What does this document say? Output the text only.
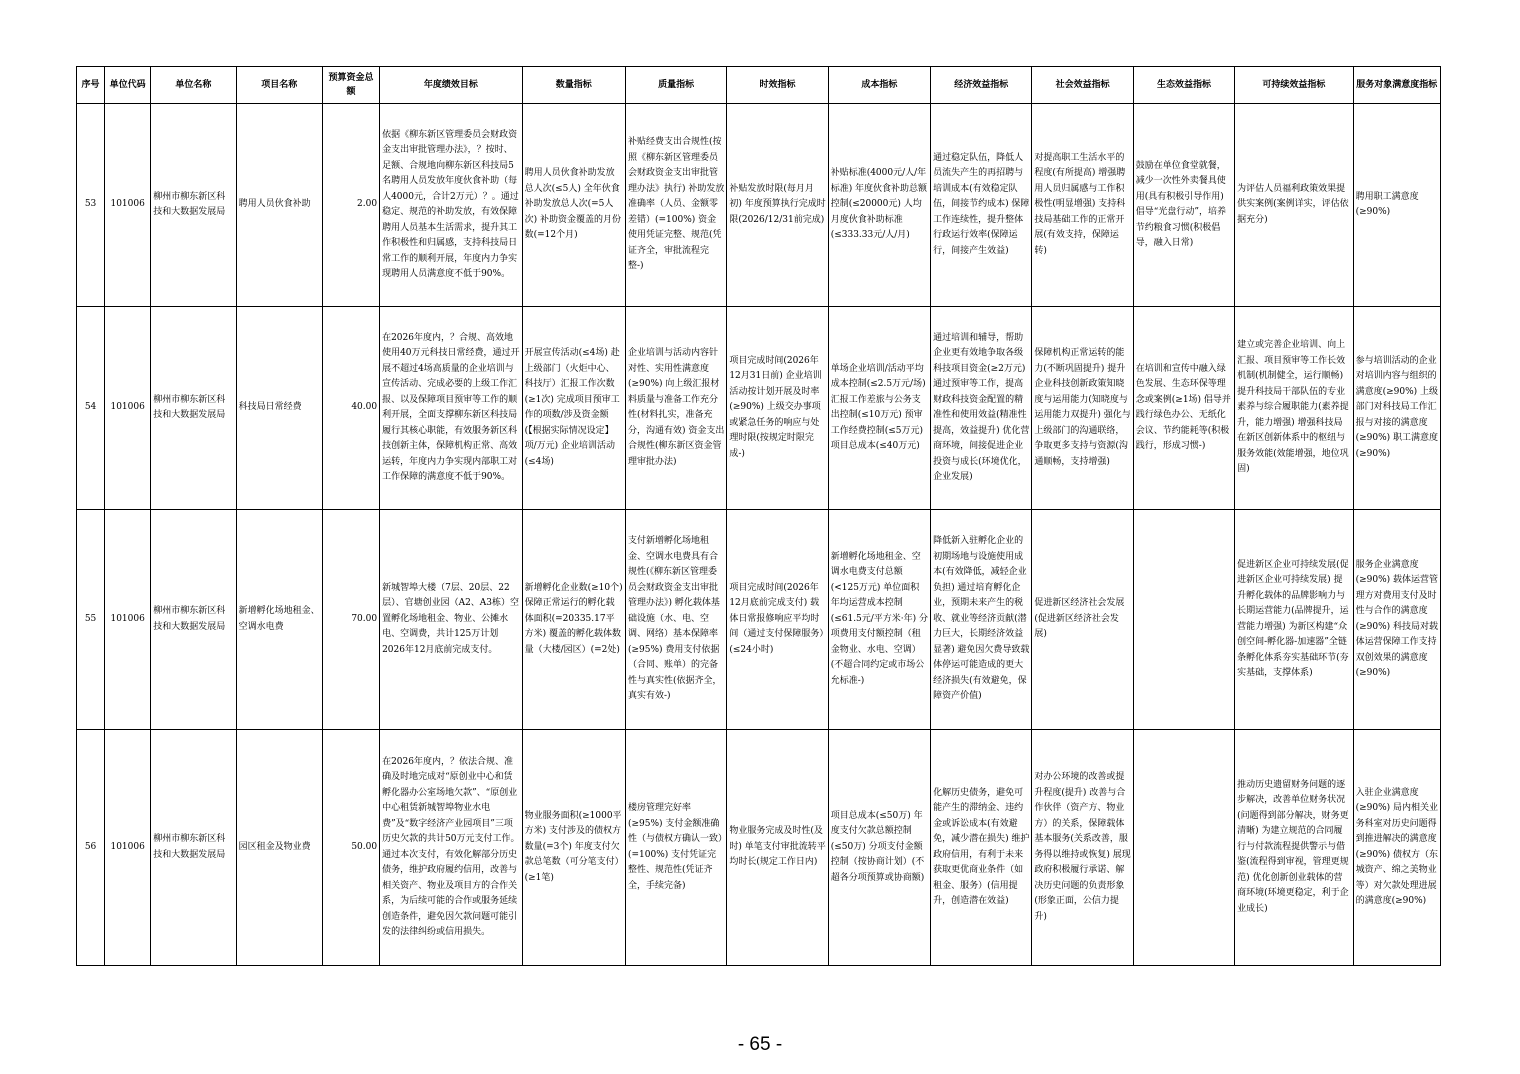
序号	单位代码	单位名称	项目名称	预算资金总额	年度绩效目标	数量指标	质量指标	时效指标	成本指标	经济效益指标	社会效益指标	生态效益指标	可持续效益指标	服务对象满意度指标
53	101006	柳州市柳东新区科技和大数据发展局	聘用人员伙食补助	2.00	依据《柳东新区管理委员会财政资金支出审批管理办法》，？按时、足额、合规地向柳东新区科技局5名聘用人员发放年度伙食补助（每人4000元，合计2万元）？。通过稳定、规范的补助发放，有效保障聘用人员基本生活需求，提升其工作积极性和归属感，支持科技局日常工作的顺利开展，年度内力争实现聘用人员满意度不低于90%。	聘用人员伙食补助发放总人次(≤5人) 全年伙食补助发放总人次(=5人次) 补助资金覆盖的月份数(=12个月)	补贴经费支出合规性(按照《柳东新区管理委员会财政资金支出审批管理办法》执行) 补助发放准确率（人员、金额零差错）(=100%) 资金使用凭证完整、规范(凭证齐全，审批流程完整-)	补贴发放时限(每月月初) 年度预算执行完成时限(2026/12/31前完成)	补贴标准(4000元/人/年标准) 年度伙食补助总额控制(≤20000元) 人均月度伙食补助标准(≤333.33元/人/月)	通过稳定队伍，降低人员流失产生的再招聘与培训成本(有效稳定队伍，间接节约成本) 保障工作连续性，提升整体行政运行效率(保障运行，间接产生效益)	对提高职工生活水平的程度(有所提高) 增强聘用人员归属感与工作积极性(明显增强) 支持科技局基础工作的正常开展(有效支持，保障运转)	鼓励在单位食堂就餐，减少一次性外卖餐具使用(具有积极引导作用) 倡导“光盘行动”，培养节约粮食习惯(积极倡导，融入日常)	为评估人员福利政策效果提供实案例(案例详实，评估依据充分)	聘用职工满意度(≥90%)
54	101006	柳州市柳东新区科技和大数据发展局	科技局日常经费	40.00	在2026年度内，？合规、高效地使用40万元科技日常经费，通过开展不超过4场高质量的企业培训与宣传活动、完成必要的上级工作汇报、以及保障项目预审等工作的顺利开展，全面支撑柳东新区科技局履行其核心职能，有效服务新区科技创新主体，保障机构正常、高效运转，年度内力争实现内部职工对工作保障的满意度不低于90%。	开展宣传活动(≤4场) 赴上级部门（火炬中心、科技厅）汇报工作次数(≥1次) 完成项目预审工作的项数/涉及资金额(【根据实际情况设定】项/万元) 企业培训活动(≤4场)	企业培训与活动内容针对性、实用性满意度(≥90%) 向上级汇报材料质量与准备工作充分性(材料扎实，准备充分，沟通有效) 资金支出合规性(柳东新区资金管理审批办法)	项目完成时间(2026年12月31日前) 企业培训活动按计划开展及时率(≥90%) 上级交办事项或紧急任务的响应与处理时限(按规定时限完成-)	单场企业培训/活动平均成本控制(≤2.5万元/场) 汇报工作差旅与公务支出控制(≤10万元) 预审工作经费控制(≤5万元) 项目总成本(≤40万元)	通过培训和辅导，帮助企业更有效地争取各级科技项目资金(≥2万元) 通过预审等工作，提高财政科技资金配置的精准性和使用效益(精准性提高，效益提升) 优化营商环境，间接促进企业投资与成长(环境优化，企业发展)	保障机构正常运转的能力(不断巩固提升) 提升企业科技创新政策知晓度与运用能力(知晓度与运用能力双提升) 强化与上级部门的沟通联络，争取更多支持与资源(沟通顺畅，支持增强)	在培训和宣传中融入绿色发展、生态环保等理念或案例(≥1场) 倡导并践行绿色办公、无纸化会议、节约能耗等(积极践行，形成习惯-)	建立或完善企业培训、向上汇报、项目预审等工作长效机制(机制健全，运行顺畅) 提升科技局干部队伍的专业素养与综合履职能力(素养提升，能力增强) 增强科技局在新区创新体系中的枢纽与服务效能(效能增强，地位巩固)	参与培训活动的企业对培训内容与组织的满意度(≥90%) 上级部门对科技局工作汇报与对接的满意度(≥90%) 职工满意度(≥90%)
55	101006	柳州市柳东新区科技和大数据发展局	新增孵化场地租金、空调水电费	70.00	新城智埠大楼（7层、20层、22层）、官塘创业园（A2、A3栋）空置孵化场地租金、物业、公摊水电、空调费，共计125万计划2026年12月底前完成支付。	新增孵化企业数(≥10个) 保障正常运行的孵化载体面积(=20335.17平方米) 覆盖的孵化载体数量（大楼/园区）(=2处)	支付新增孵化场地租金、空调水电费具有合规性(《柳东新区管理委员会财政资金支出审批管理办法》) 孵化载体基础设施（水、电、空调、网络）基本保障率(≥95%) 费用支付依据（合同、账单）的完备性与真实性(依据齐全，真实有效-)	项目完成时间(2026年12月底前完成支付) 载体日常报修响应平均时间（通过支付保障服务）(≤24小时)	新增孵化场地租金、空调水电费支付总额(<125万元) 单位面积年均运营成本控制(≤61.5元/平方米·年) 分项费用支付额控制（租金物业、水电、空调）(不超合同约定或市场公允标准-)	降低新入驻孵化企业的初期场地与设施使用成本(有效降低，减轻企业负担) 通过培育孵化企业，预期未来产生的税收、就业等经济贡献(潜力巨大，长期经济效益显著) 避免因欠费导致载体停运可能造成的更大经济损失(有效避免，保障资产价值)	促进新区经济社会发展(促进新区经济社会发展)		促进新区企业可持续发展(促进新区企业可持续发展) 提升孵化载体的品牌影响力与长期运营能力(品牌提升，运营能力增强) 为新区构建“众创空间-孵化器-加速器”全链条孵化体系夯实基础环节(夯实基础，支撑体系)	服务企业满意度(≥90%) 载体运营管理方对费用支付及时性与合作的满意度(≥90%) 科技局对载体运营保障工作支持双创效果的满意度(≥90%)
56	101006	柳州市柳东新区科技和大数据发展局	园区租金及物业费	50.00	在2026年度内，？依法合规、准确及时地完成对“原创业中心和赁孵化器办公室场地欠款”、“原创业中心租赁新城智埠物业水电费”及“数字经济产业园项目”三项历史欠款的共计50万元支付工作。通过本次支付，有效化解部分历史债务，维护政府履约信用，改善与相关资产、物业及项目方的合作关系，为后续可能的合作或服务延续创造条件，避免因欠款问题可能引发的法律纠纷或信用损失。	物业服务面积(≥1000平方米) 支付涉及的债权方数量(=3个) 年度支付欠款总笔数（可分笔支付）(≥1笔)	楼房管理完好率(≥95%) 支付金额准确性（与债权方确认一致）(=100%) 支付凭证完整性、规范性(凭证齐全，手续完备)	物业服务完成及时性(及时) 单笔支付审批流转平均时长(规定工作日内)	项目总成本(≤50万) 年度支付欠款总额控制(≤50万) 分项支付金额控制（按协商计划）(不超各分项预算或协商额)	化解历史债务，避免可能产生的滞纳金、违约金或诉讼成本(有效避免，减少潜在损失) 维护政府信用，有利于未来获取更优商业条件（如租金、服务）(信用提升，创造潜在效益)	对办公环境的改善或提升程度(提升) 改善与合作伙伴（资产方、物业方）的关系，保障载体基本服务(关系改善，服务得以维持或恢复) 展现政府积极履行承诺、解决历史问题的负责形象(形象正面，公信力提升)		推动历史遗留财务问题的逐步解决，改善单位财务状况(问题得到部分解决，财务更清晰) 为建立规范的合同履行与付款流程提供警示与借鉴(流程得到审视，管理更规范) 优化创新创业载体的营商环境(环境更稳定，利于企业成长)	入驻企业满意度(≥90%) 局内相关业务科室对历史问题得到推进解决的满意度(≥90%) 债权方（东城资产、绵之美物业等）对欠款处理进展的满意度(≥90%)
- 65 -
